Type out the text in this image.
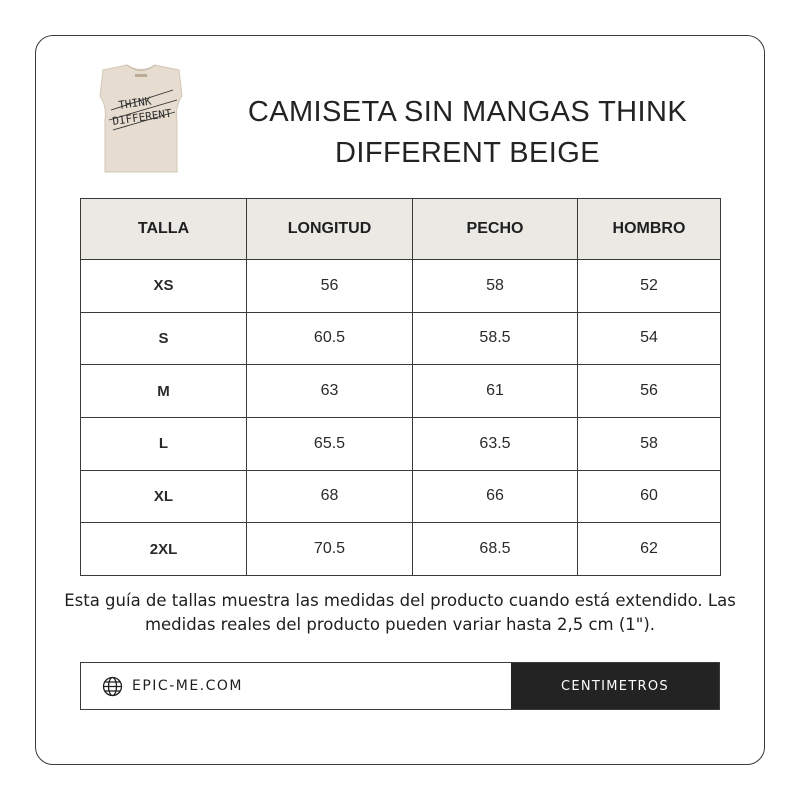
THINK
DIFFERENT	CAMISETA SIN MANGAS THINK
DIFFERENT BEIGE
TALLA	LONGITUD	PECHO	HOMBRO
XS	56	58	52
S	60.5	58.5	54
M	63	61	56
L	65.5	63.5	58
XL	68	66	60
2XL	70.5	68.5	62
Esta guía de tallas muestra las medidas del producto cuando está extendido. Las
medidas reales del producto pueden variar hasta 2,5 cm (1").
EPIC-ME.COM	CENTIMETROS
